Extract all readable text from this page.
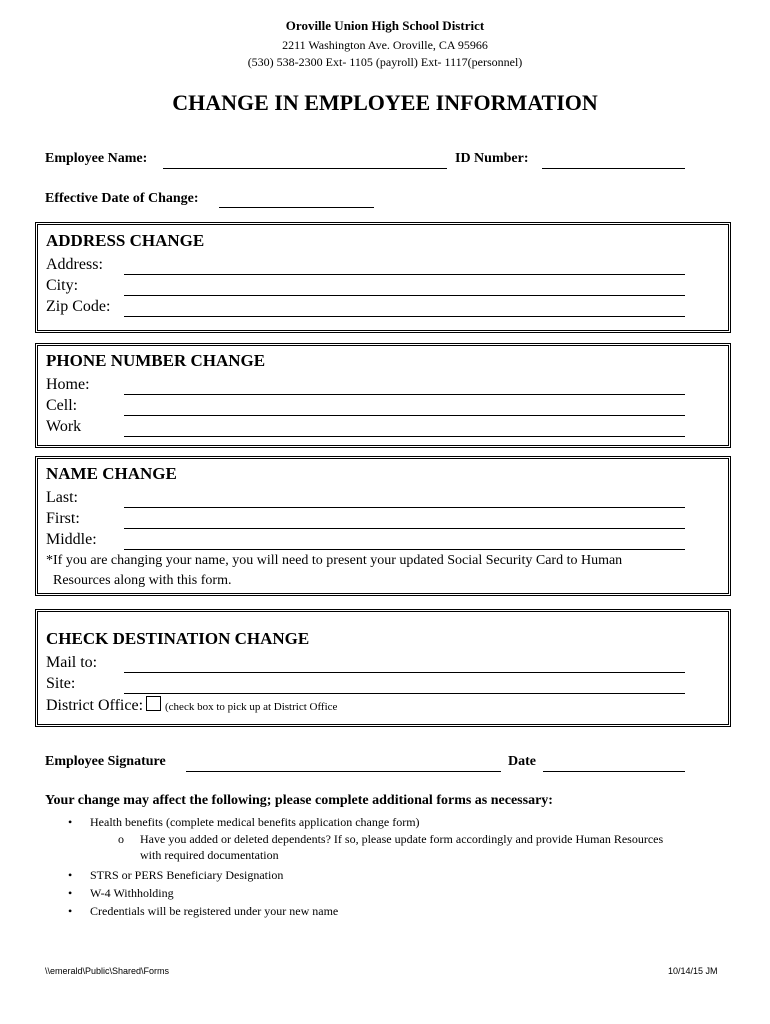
Oroville Union High School District
2211 Washington Ave. Oroville, CA 95966
(530) 538-2300 Ext- 1105 (payroll) Ext- 1117(personnel)
CHANGE IN EMPLOYEE INFORMATION
Employee Name:	ID Number:
Effective Date of Change:
ADDRESS CHANGE
Address:
City:
Zip Code:
PHONE NUMBER CHANGE
Home:
Cell:
Work
NAME CHANGE
Last:
First:
Middle:
*If you are changing your name, you will need to present your updated Social Security Card to Human
Resources along with this form.
CHECK DESTINATION CHANGE
Mail to:
Site:
District Office: (check box to pick up at District Office
Employee Signature	Date
Your change may affect the following; please complete additional forms as necessary:
• Health benefits (complete medical benefits application change form)
o Have you added or deleted dependents? If so, please update form accordingly and provide Human Resources
with required documentation
• STRS or PERS Beneficiary Designation
• W-4 Withholding
• Credentials will be registered under your new name
\\emerald\Public\Shared\Forms	10/14/15 JM
